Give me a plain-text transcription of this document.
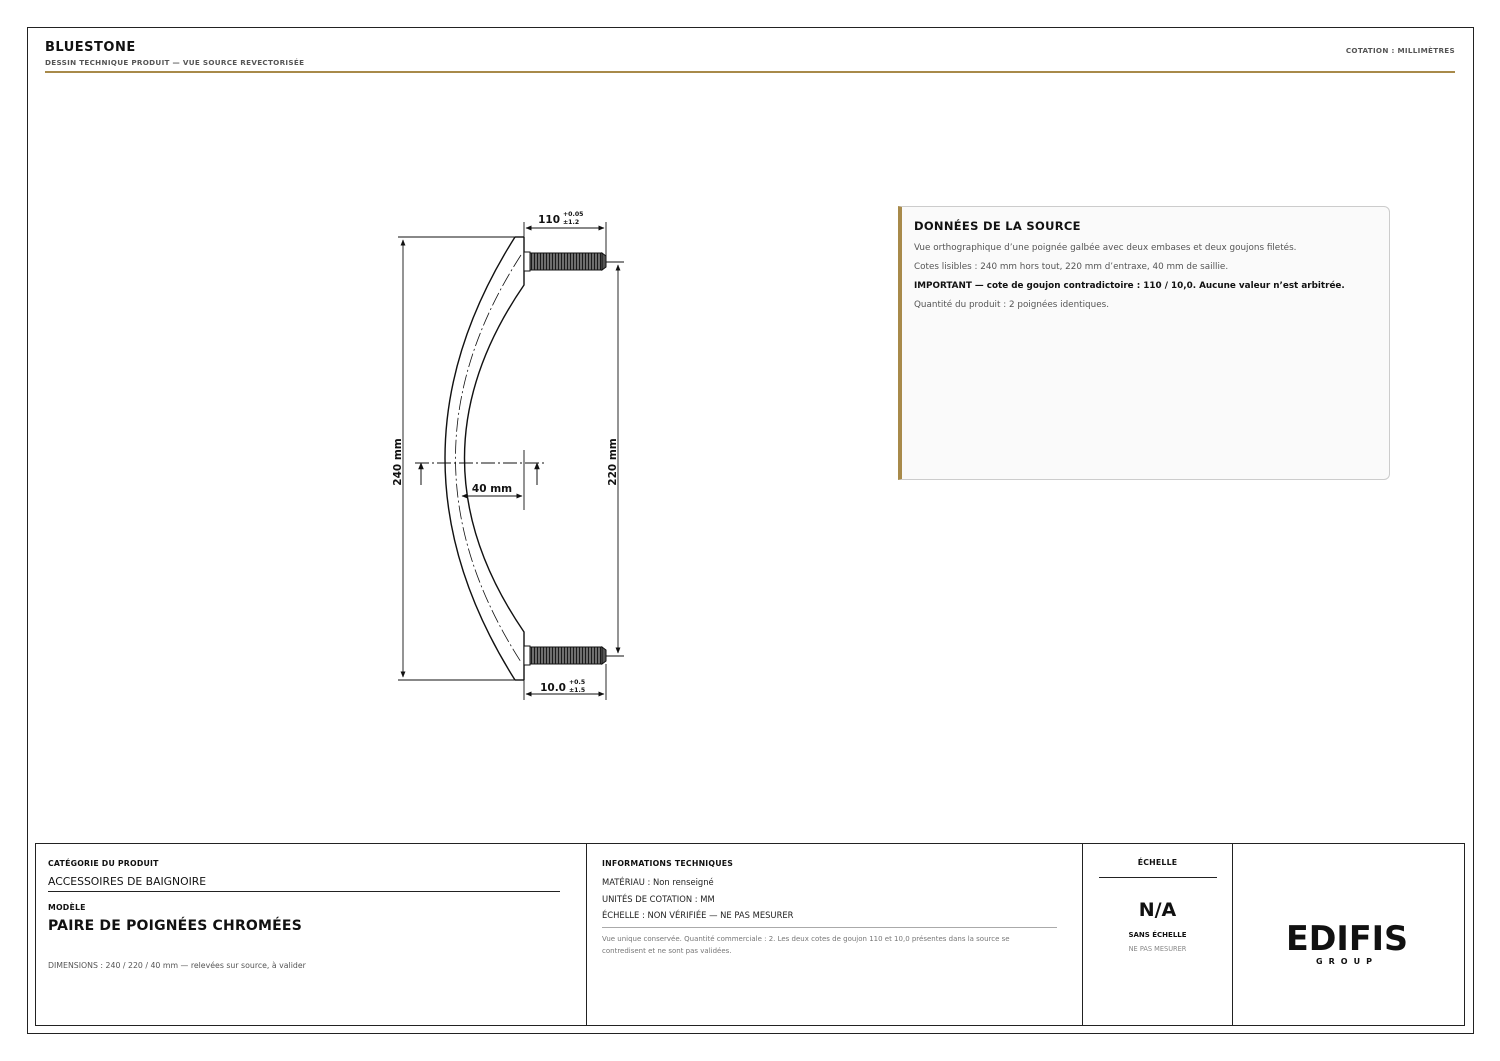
BLUESTONE
DESSIN TECHNIQUE PRODUIT — VUE SOURCE REVECTORISÉE
COTATION : MILLIMÈTRES
240 mm	220 mm
40 mm
110 +0.05
±1.2
10.0 +0.5
±1.5
DONNÉES DE LA SOURCE
Vue orthographique d’une poignée galbée avec deux embases et deux goujons filetés.
Cotes lisibles : 240 mm hors tout, 220 mm d’entraxe, 40 mm de saillie.
IMPORTANT — cote de goujon contradictoire : 110 / 10,0. Aucune valeur n’est arbitrée.
Quantité du produit : 2 poignées identiques.
CATÉGORIE DU PRODUIT
ACCESSOIRES DE BAIGNOIRE
MODÈLE
PAIRE DE POIGNÉES CHROMÉES
DIMENSIONS : 240 / 220 / 40 mm — relevées sur source, à valider
INFORMATIONS TECHNIQUES
MATÉRIAU : Non renseigné
UNITÉS DE COTATION : MM
ÉCHELLE : NON VÉRIFIÉE — NE PAS MESURER
Vue unique conservée. Quantité commerciale : 2. Les deux cotes de goujon 110 et 10,0 présentes dans la source se contredisent et ne sont pas validées.
ÉCHELLE
N/A
SANS ÉCHELLE
NE PAS MESURER	EDIFIS
GROUP
